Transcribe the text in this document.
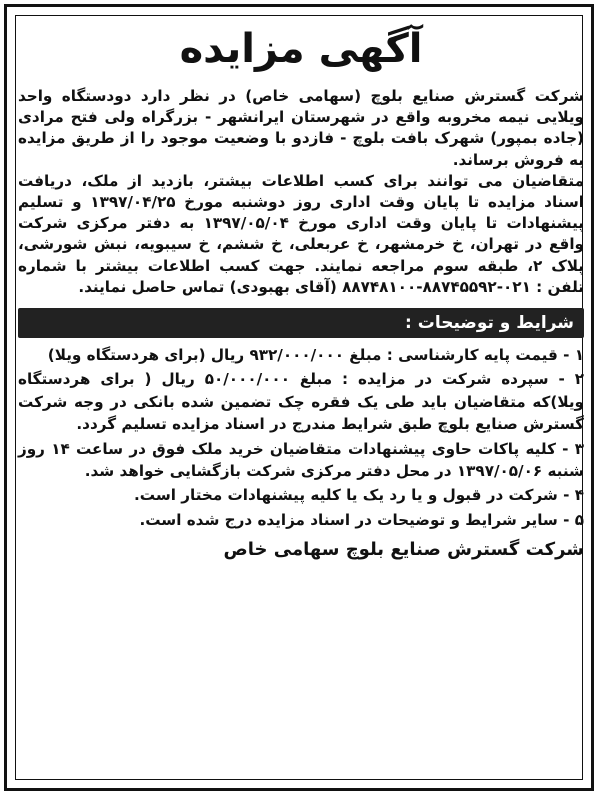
آگهی مزایده

شرکت گسترش صنایع بلوچ (سهامی خاص) در نظر دارد دودستگاه واحد ویلایی نیمه مخروبه واقع در شهرستان ایرانشهر - بزرگراه ولی فتح مرادی (جاده بمپور) شهرک بافت بلوچ - فازدو با وضعیت موجود را از طریق مزایده به فروش برساند.

متقاضیان می توانند برای کسب اطلاعات بیشتر، بازدید از ملک، دریافت اسناد مزایده تا پایان وقت اداری روز دوشنبه مورخ ۱۳۹۷/۰۴/۲۵ و تسلیم پیشنهادات تا پایان وقت اداری مورخ ۱۳۹۷/۰۵/۰۴ به دفتر مرکزی شرکت واقع در تهران، خ خرمشهر، خ عربعلی، خ ششم، خ سیبویه، نبش شورشی، پلاک ۲، طبقه سوم مراجعه نمایند. جهت کسب اطلاعات بیشتر با شماره تلفن : ۰۲۱-۸۸۷۴۵۵۹۲-۸۸۷۴۸۱۰۰ (آقای بهبودی) تماس حاصل نمایند.

شرایط و توضیحات :
۱ - قیمت پایه کارشناسی : مبلغ ۹۳۲/۰۰۰/۰۰۰ ریال (برای هردستگاه ویلا)
۲ - سپرده شرکت در مزایده : مبلغ ۵۰/۰۰۰/۰۰۰ ریال ( برای هردستگاه ویلا)که متقاضیان باید طی یک فقره چک تضمین شده بانکی در وجه شرکت گسترش صنایع بلوچ طبق شرایط مندرج در اسناد مزایده تسلیم گردد.
۳ - کلیه پاکات حاوی پیشنهادات متقاضیان خرید ملک فوق در ساعت ۱۴ روز شنبه ۱۳۹۷/۰۵/۰۶ در محل دفتر مرکزی شرکت بازگشایی خواهد شد.
۴ - شرکت در قبول و یا رد یک یا کلیه پیشنهادات مختار است.
۵ - سایر شرایط و توضیحات در اسناد مزایده درج شده است.
شرکت گسترش صنایع بلوچ سهامی خاص
